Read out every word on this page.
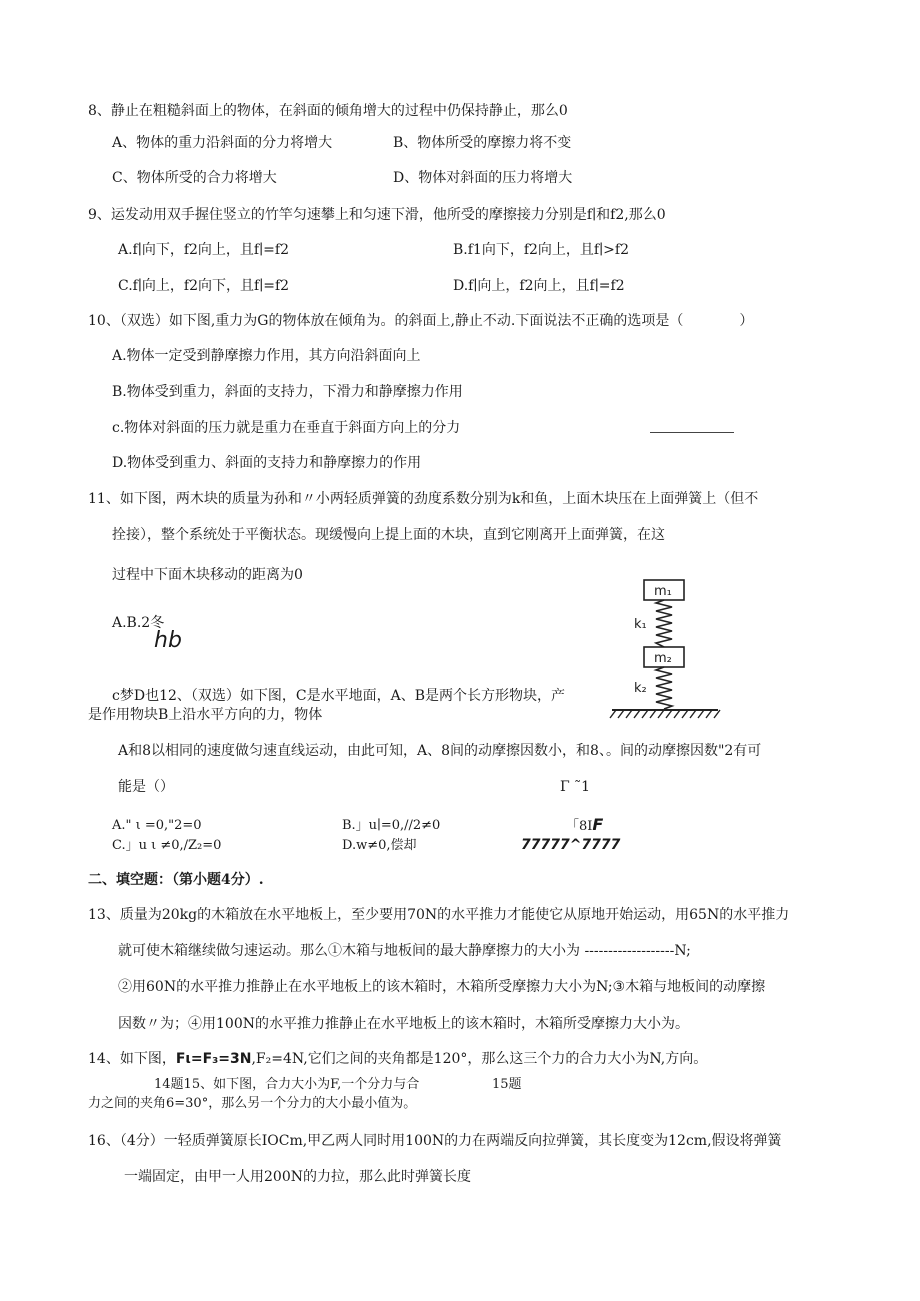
8、静止在粗糙斜面上的物体，在斜面的倾角增大的过程中仍保持静止，那么0
A、物体的重力沿斜面的分力将增大	B、物体所受的摩擦力将不变
C、物体所受的合力将增大	D、物体对斜面的压力将增大
9、运发动用双手握住竖立的竹竿匀速攀上和匀速下滑，他所受的摩擦接力分别是f∣和f2,那么0
A.f∣向下，f2向上，且f∣=f2	B.f1向下，f2向上，且f∣>f2
C.f∣向上，f2向下，且f∣=f2	D.f∣向上，f2向上，且f∣=f2
10、（双选）如下图,重力为G的物体放在倾角为。的斜面上,静止不动.下面说法不正确的选项是（　　　　）
A.物体一定受到静摩擦力作用，其方向沿斜面向上
B.物体受到重力，斜面的支持力，下滑力和静摩擦力作用
c.物体对斜面的压力就是重力在垂直于斜面方向上的分力
D.物体受到重力、斜面的支持力和静摩擦力的作用
11、如下图，两木块的质量为孙和〃小两轻质弹簧的劲度系数分别为k和鱼，上面木块压在上面弹簧上（但不
拴接），整个系统处于平衡状态。现缓慢向上提上面的木块，直到它刚离开上面弹簧，在这
过程中下面木块移动的距离为0
A.B.2冬
hb
m₁
k₁
m₂
k₂
c梦D也12、（双选）如下图，C是水平地面，A、B是两个长方形物块，产
是作用物块B上沿水平方向的力，物体
A和8以相同的速度做匀速直线运动，由此可知，A、8间的动摩擦因数小，和8、。间的动摩擦因数"2有可
能是（）	Γ ˜1
A." ι =0,"2=0	B.」u∣=0,//2≠0	「8IF
C.」u ι ≠0,/Z₂=0	D.w≠0,偿却	77777^7777
二、填空题：（第小题4分）.
13、质量为20kg的木箱放在水平地板上，至少要用70N的水平推力才能使它从原地开始运动，用65N的水平推力
就可使木箱继续做匀速运动。那么①木箱与地板间的最大静摩擦力的大小为 -------------------N;
②用60N的水平推力推静止在水平地板上的该木箱时，木箱所受摩擦力大小为N;③木箱与地板间的动摩擦
因数〃为；④用100N的水平推力推静止在水平地板上的该木箱时，木箱所受摩擦力大小为。
14、如下图，Fι=F₃=3N,F₂=4N,它们之间的夹角都是120°，那么这三个力的合力大小为N,方向。
14题15、如下图，合力大小为F,一个分力与合	15题
力之间的夹角6=30°，那么另一个分力的大小最小值为。
16、（4分）一轻质弹簧原长IOCm,甲乙两人同时用100N的力在两端反向拉弹簧，其长度变为12cm,假设将弹簧
一端固定，由甲一人用200N的力拉，那么此时弹簧长度
